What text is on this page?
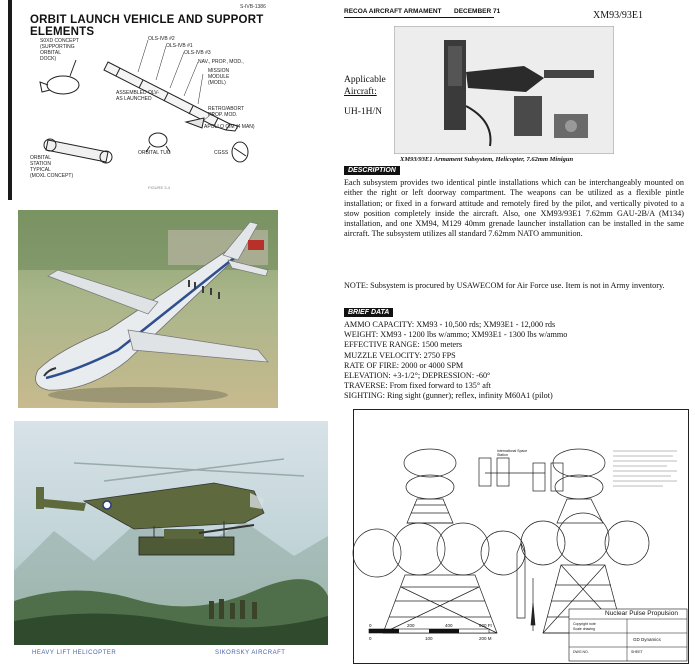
S-IVB-1386
ORBIT LAUNCH VEHICLE AND SUPPORT ELEMENTS
OLS-IVB #2
OLS-IVB #1
OLS-IVB #3
NAV., PROP., MOD.,
MISSION
MODULE
(MODL)
S0XD CONCEPT
(SUPPORTING
ORBITAL
DOCK)
ASSEMBLED OLV-
AS LAUNCHED
RETRO/ABORT
PROP. MOD.
APOLLO C/M (4 MAN)
ORBITAL
STATION
TYPICAL
(MOXL CONCEPT)
ORBITAL TUG	CGSS
FIGURE 3-4
HEAVY LIFT HELICOPTER	SIKORSKY AIRCRAFT
RECOA AIRCRAFT ARMAMENT DECEMBER 71	XM93/93E1
Applicable
Aircraft:
UH-1H/N
XM93/93E1 Armament Subsystem, Helicopter, 7.62mm Minigun
DESCRIPTION
Each subsystem provides two identical pintle installations which can be interchangeably mounted on either the right or left doorway compartment. The weapons can be utilized as a flexible pintle installation; or fixed in a forward attitude and remotely fired by the pilot, and vertically pivoted to a stow position completely inside the aircraft. Also, one XM93/93E1 7.62mm GAU-2B/A (M134) installation, and one XM94, M129 40mm grenade launcher installation can be installed in the same aircraft. The subsystem utilizes all standard 7.62mm NATO ammunition.
NOTE: Subsystem is procured by USAWECOM for Air Force use. Item is not in Army inventory.
BRIEF DATA
AMMO CAPACITY: XM93 - 10,500 rds; XM93E1 - 12,000 rds
WEIGHT: XM93 - 1200 lbs w/ammo; XM93E1 - 1300 lbs w/ammo
EFFECTIVE RANGE: 1500 meters
MUZZLE VELOCITY: 2750 FPS
RATE OF FIRE: 2000 or 4000 SPM
ELEVATION: +3-1/2°; DEPRESSION: -60°
TRAVERSE: From fixed forward to 135° aft
SIGHTING: Ring sight (gunner); reflex, infinity M60A1 (pilot)
International Space Station
Nuclear Pulse Propulsion
GD Dynamics
Copyright note
Scale drawing
DWG NO.	SHEET
0	200	400	600 Ft
0	100	200 M
